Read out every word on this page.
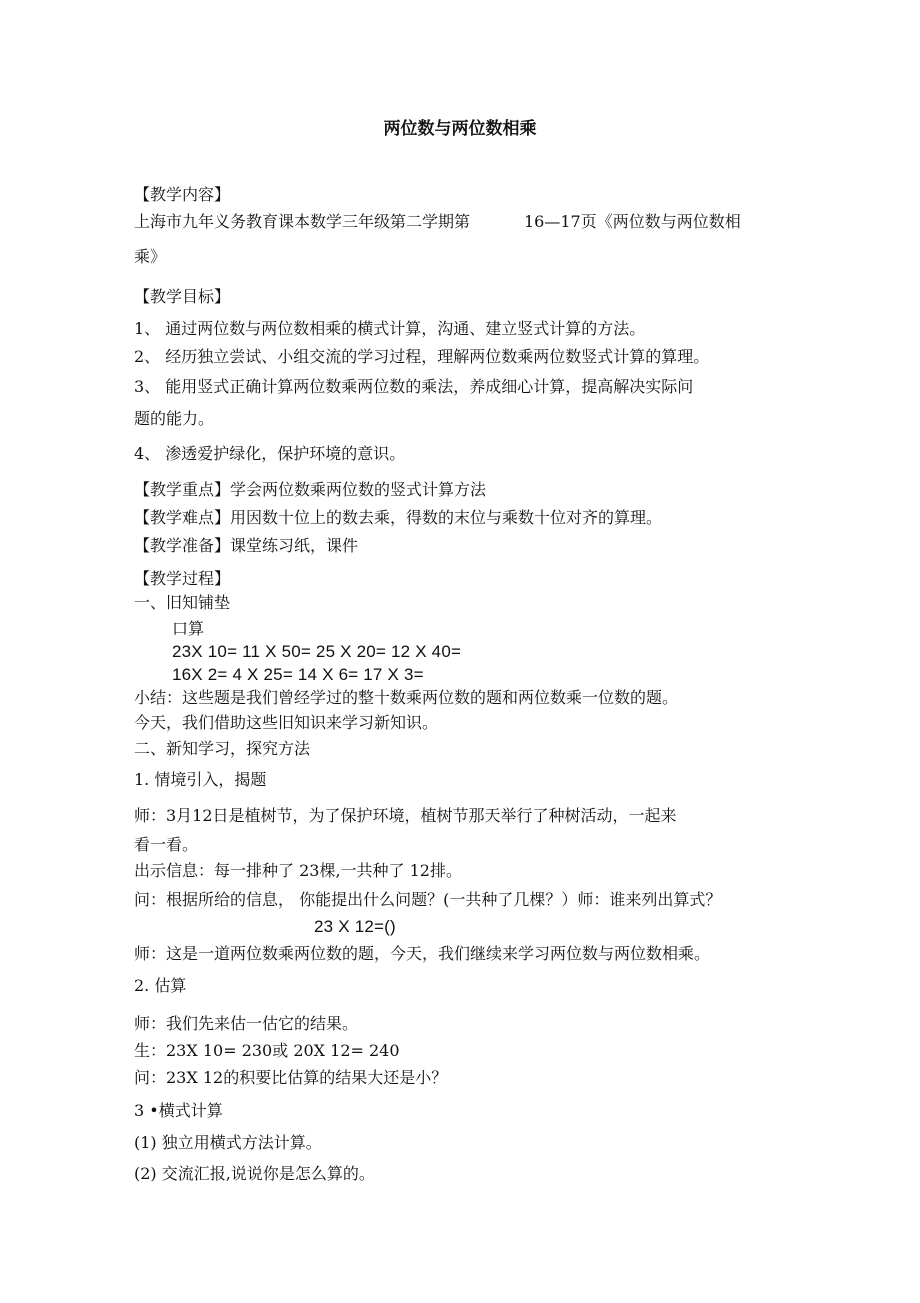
两位数与两位数相乘
【教学内容】
上海市九年义务教育课本数学三年级第二学期第	16—17页《两位数与两位数相
乘》
【教学目标】
1、 通过两位数与两位数相乘的横式计算，沟通、建立竖式计算的方法。
2、 经历独立尝试、小组交流的学习过程，理解两位数乘两位数竖式计算的算理。
3、 能用竖式正确计算两位数乘两位数的乘法，养成细心计算，提高解决实际问
题的能力。
4、 渗透爱护绿化，保护环境的意识。
【教学重点】学会两位数乘两位数的竖式计算方法
【教学难点】用因数十位上的数去乘，得数的末位与乘数十位对齐的算理。
【教学准备】课堂练习纸，课件
【教学过程】
一、旧知铺垫
口算
23X 10= 11 X 50= 25 X 20= 12 X 40=
16X 2= 4 X 25= 14 X 6= 17 X 3=
小结：这些题是我们曾经学过的整十数乘两位数的题和两位数乘一位数的题。
今天，我们借助这些旧知识来学习新知识。
二、新知学习，探究方法
1. 情境引入，揭题
师：3月12日是植树节，为了保护环境，植树节那天举行了种树活动，一起来
看一看。
出示信息：每一排种了 23棵,一共种了 12排。
问：根据所给的信息， 你能提出什么问题？(一共种了几棵？）师：谁来列出算式？
23 X 12=()
师：这是一道两位数乘两位数的题，今天，我们继续来学习两位数与两位数相乘。
2. 估算
师：我们先来估一估它的结果。
生：23X 10= 230或 20X 12= 240
问：23X 12的积要比估算的结果大还是小？
3 •横式计算
(1) 独立用横式方法计算。
(2) 交流汇报,说说你是怎么算的。
